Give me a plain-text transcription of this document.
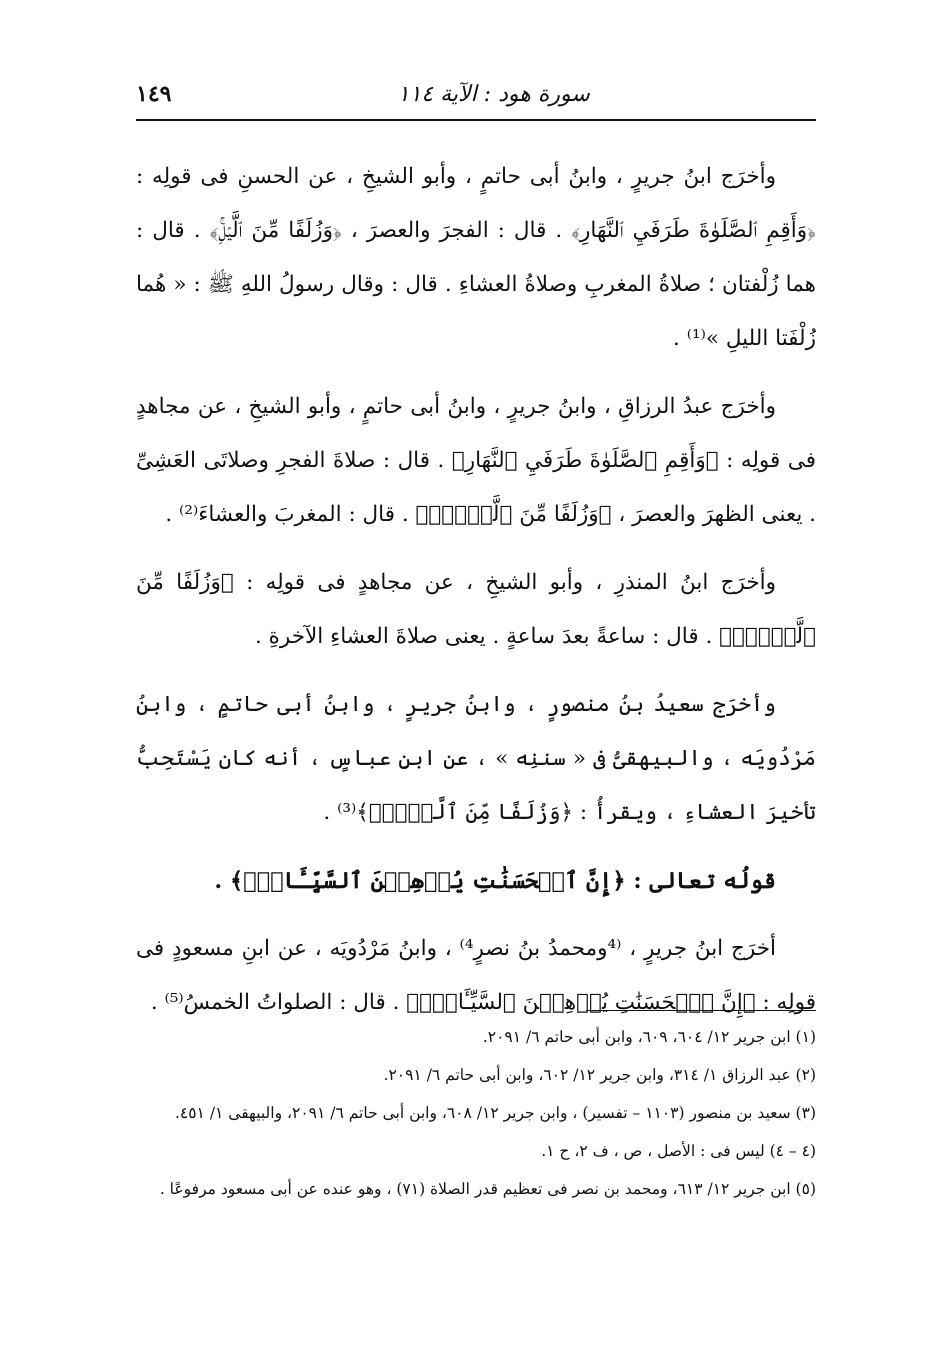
سورة هود : الآية ١١٤
١٤٩

وأخرَج ابنُ جريرٍ ، وابنُ أبى حاتمٍ ، وأبو الشيخِ ، عن الحسنِ فى قولِه : ﴿وَأَقِمِ ٱلصَّلَوٰةَ طَرَفَيِ ٱلنَّهَارِ﴾ . قال : الفجرَ والعصرَ ، ﴿وَزُلَفًا مِّنَ ٱلَّيۡلِۚ﴾ . قال : هما زُلْفتان ؛ صلاةُ المغربِ وصلاةُ العشاءِ . قال : وقال رسولُ اللهِ ﷺ : « هُما زُلْفَتا الليلِ »⁽¹⁾ .

وأخرَج عبدُ الرزاقِ ، وابنُ جريرٍ ، وابنُ أبى حاتمٍ ، وأبو الشيخِ ، عن مجاهدٍ فى قولِه : ﴿وَأَقِمِ ٱلصَّلَوٰةَ طَرَفَيِ ٱلنَّهَارِ﴾ . قال : صلاةَ الفجرِ وصلاتَى العَشِىِّ . يعنى الظهرَ والعصرَ ، ﴿وَزُلَفًا مِّنَ ٱلَّيۡلِۚ﴾ . قال : المغربَ والعشاءَ⁽²⁾ .

وأخرَج ابنُ المنذرِ ، وأبو الشيخِ ، عن مجاهدٍ فى قولِه : ﴿وَزُلَفًا مِّنَ ٱلَّيۡلِۚ﴾ . قال : ساعةً بعدَ ساعةٍ . يعنى صلاةَ العشاءِ الآخرةِ .

وأخرَج سعيدُ بنُ منصورٍ ، وابنُ جريرٍ ، وابنُ أبى حاتمٍ ، وابنُ مَرْدُويَه ، والبيهقىُّ فى « سننِه » ، عن ابنِ عباسٍ ، أنه كان يَسْتَحِبُّ تأخيرَ العشاءِ ، ويقرأُ : ﴿وَزُلَفًا مِّنَ ٱلَّيۡلِۚ﴾⁽³⁾ .

قولُه تعالى : ﴿إِنَّ ٱلۡحَسَنَٰتِ يُذۡهِبۡنَ ٱلسَّيِّـَٔاتِۚ﴾ .

أخرَج ابنُ جريرٍ ، ⁽⁴ومحمدُ بنُ نصرٍ⁴⁾ ، وابنُ مَرْدُويَه ، عن ابنِ مسعودٍ فى قولِه : ﴿إِنَّ ٱلۡحَسَنَٰتِ يُذۡهِبۡنَ ٱلسَّيِّـَٔاتِۚ﴾ . قال : الصلواتُ الخمسُ⁽⁵⁾ .

(١) ابن جرير ١٢/ ٦٠٤، ٦٠٩، وابن أبى حاتم ٦/ ٢٠٩١.

(٢) عبد الرزاق ١/ ٣١٤، وابن جرير ١٢/ ٦٠٢، وابن أبى حاتم ٦/ ٢٠٩١.

(٣) سعيد بن منصور (١١٠٣ – تفسير) ، وابن جرير ١٢/ ٦٠٨، وابن أبى حاتم ٦/ ٢٠٩١، والبيهقى ١/ ٤٥١.

(٤ – ٤) ليس فى : الأصل ، ص ، ف ٢، ح ١.

(٥) ابن جرير ١٢/ ٦١٣، ومحمد بن نصر فى تعظيم قدر الصلاة (٧١) ، وهو عنده عن أبى مسعود مرفوعًا .
